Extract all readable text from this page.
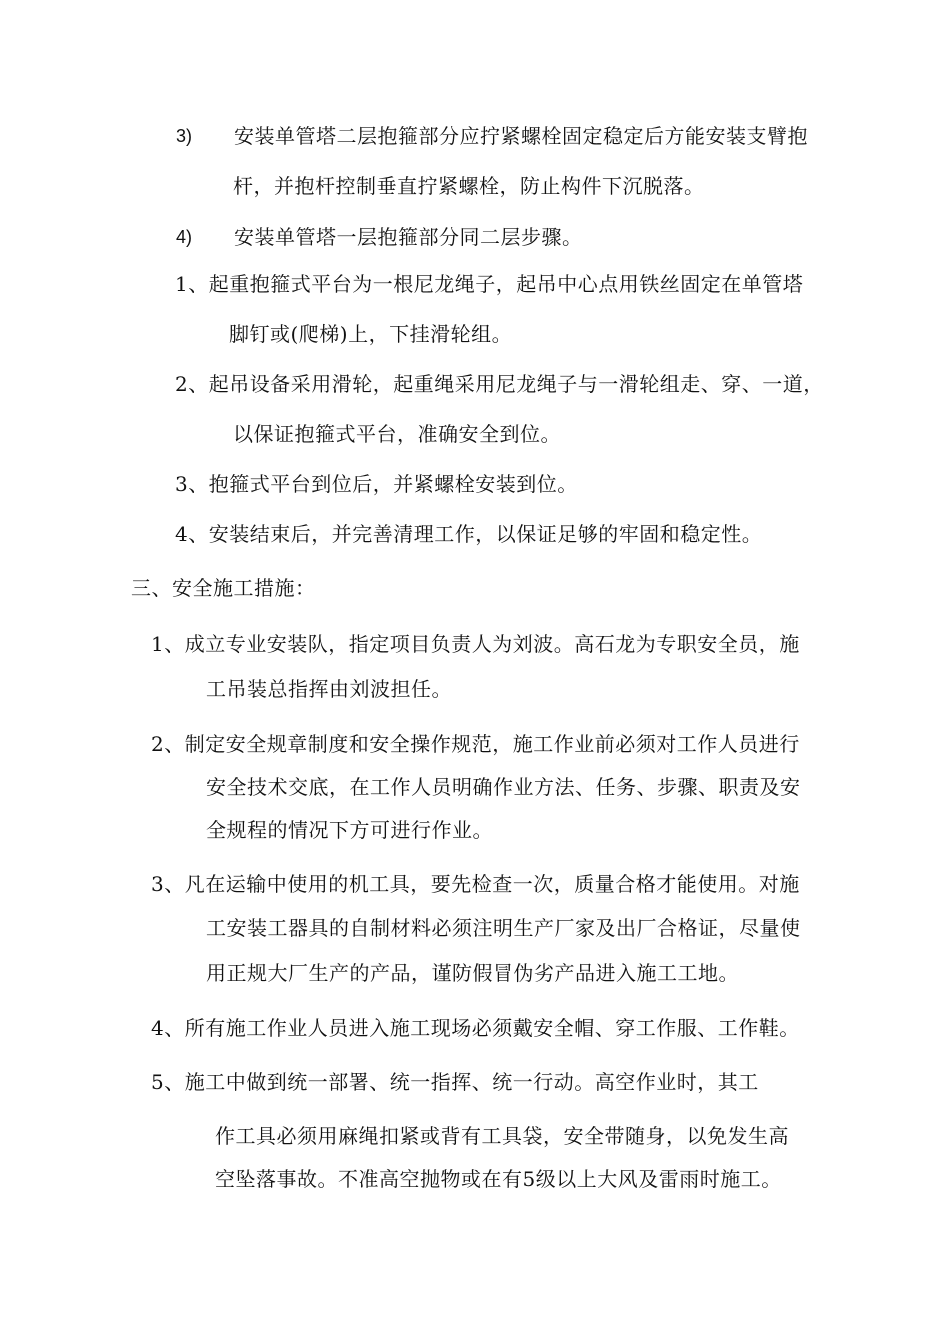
3) 安装单管塔二层抱箍部分应拧紧螺栓固定稳定后方能安装支臂抱
杆，并抱杆控制垂直拧紧螺栓，防止构件下沉脱落。
4) 安装单管塔一层抱箍部分同二层步骤。
1、起重抱箍式平台为一根尼龙绳子，起吊中心点用铁丝固定在单管塔
脚钉或(爬梯)上，下挂滑轮组。
2、起吊设备采用滑轮，起重绳采用尼龙绳子与一滑轮组走、穿、一道，
以保证抱箍式平台，准确安全到位。
3、抱箍式平台到位后，并紧螺栓安装到位。
4、安装结束后，并完善清理工作，以保证足够的牢固和稳定性。
三、安全施工措施：
1、成立专业安装队，指定项目负责人为刘波。高石龙为专职安全员，施
工吊装总指挥由刘波担任。
2、制定安全规章制度和安全操作规范，施工作业前必须对工作人员进行
安全技术交底，在工作人员明确作业方法、任务、步骤、职责及安
全规程的情况下方可进行作业。
3、凡在运输中使用的机工具，要先检查一次，质量合格才能使用。对施
工安装工器具的自制材料必须注明生产厂家及出厂合格证，尽量使
用正规大厂生产的产品，谨防假冒伪劣产品进入施工工地。
4、所有施工作业人员进入施工现场必须戴安全帽、穿工作服、工作鞋。
5、施工中做到统一部署、统一指挥、统一行动。高空作业时，其工
作工具必须用麻绳扣紧或背有工具袋，安全带随身，以免发生高
空坠落事故。不准高空抛物或在有5级以上大风及雷雨时施工。
